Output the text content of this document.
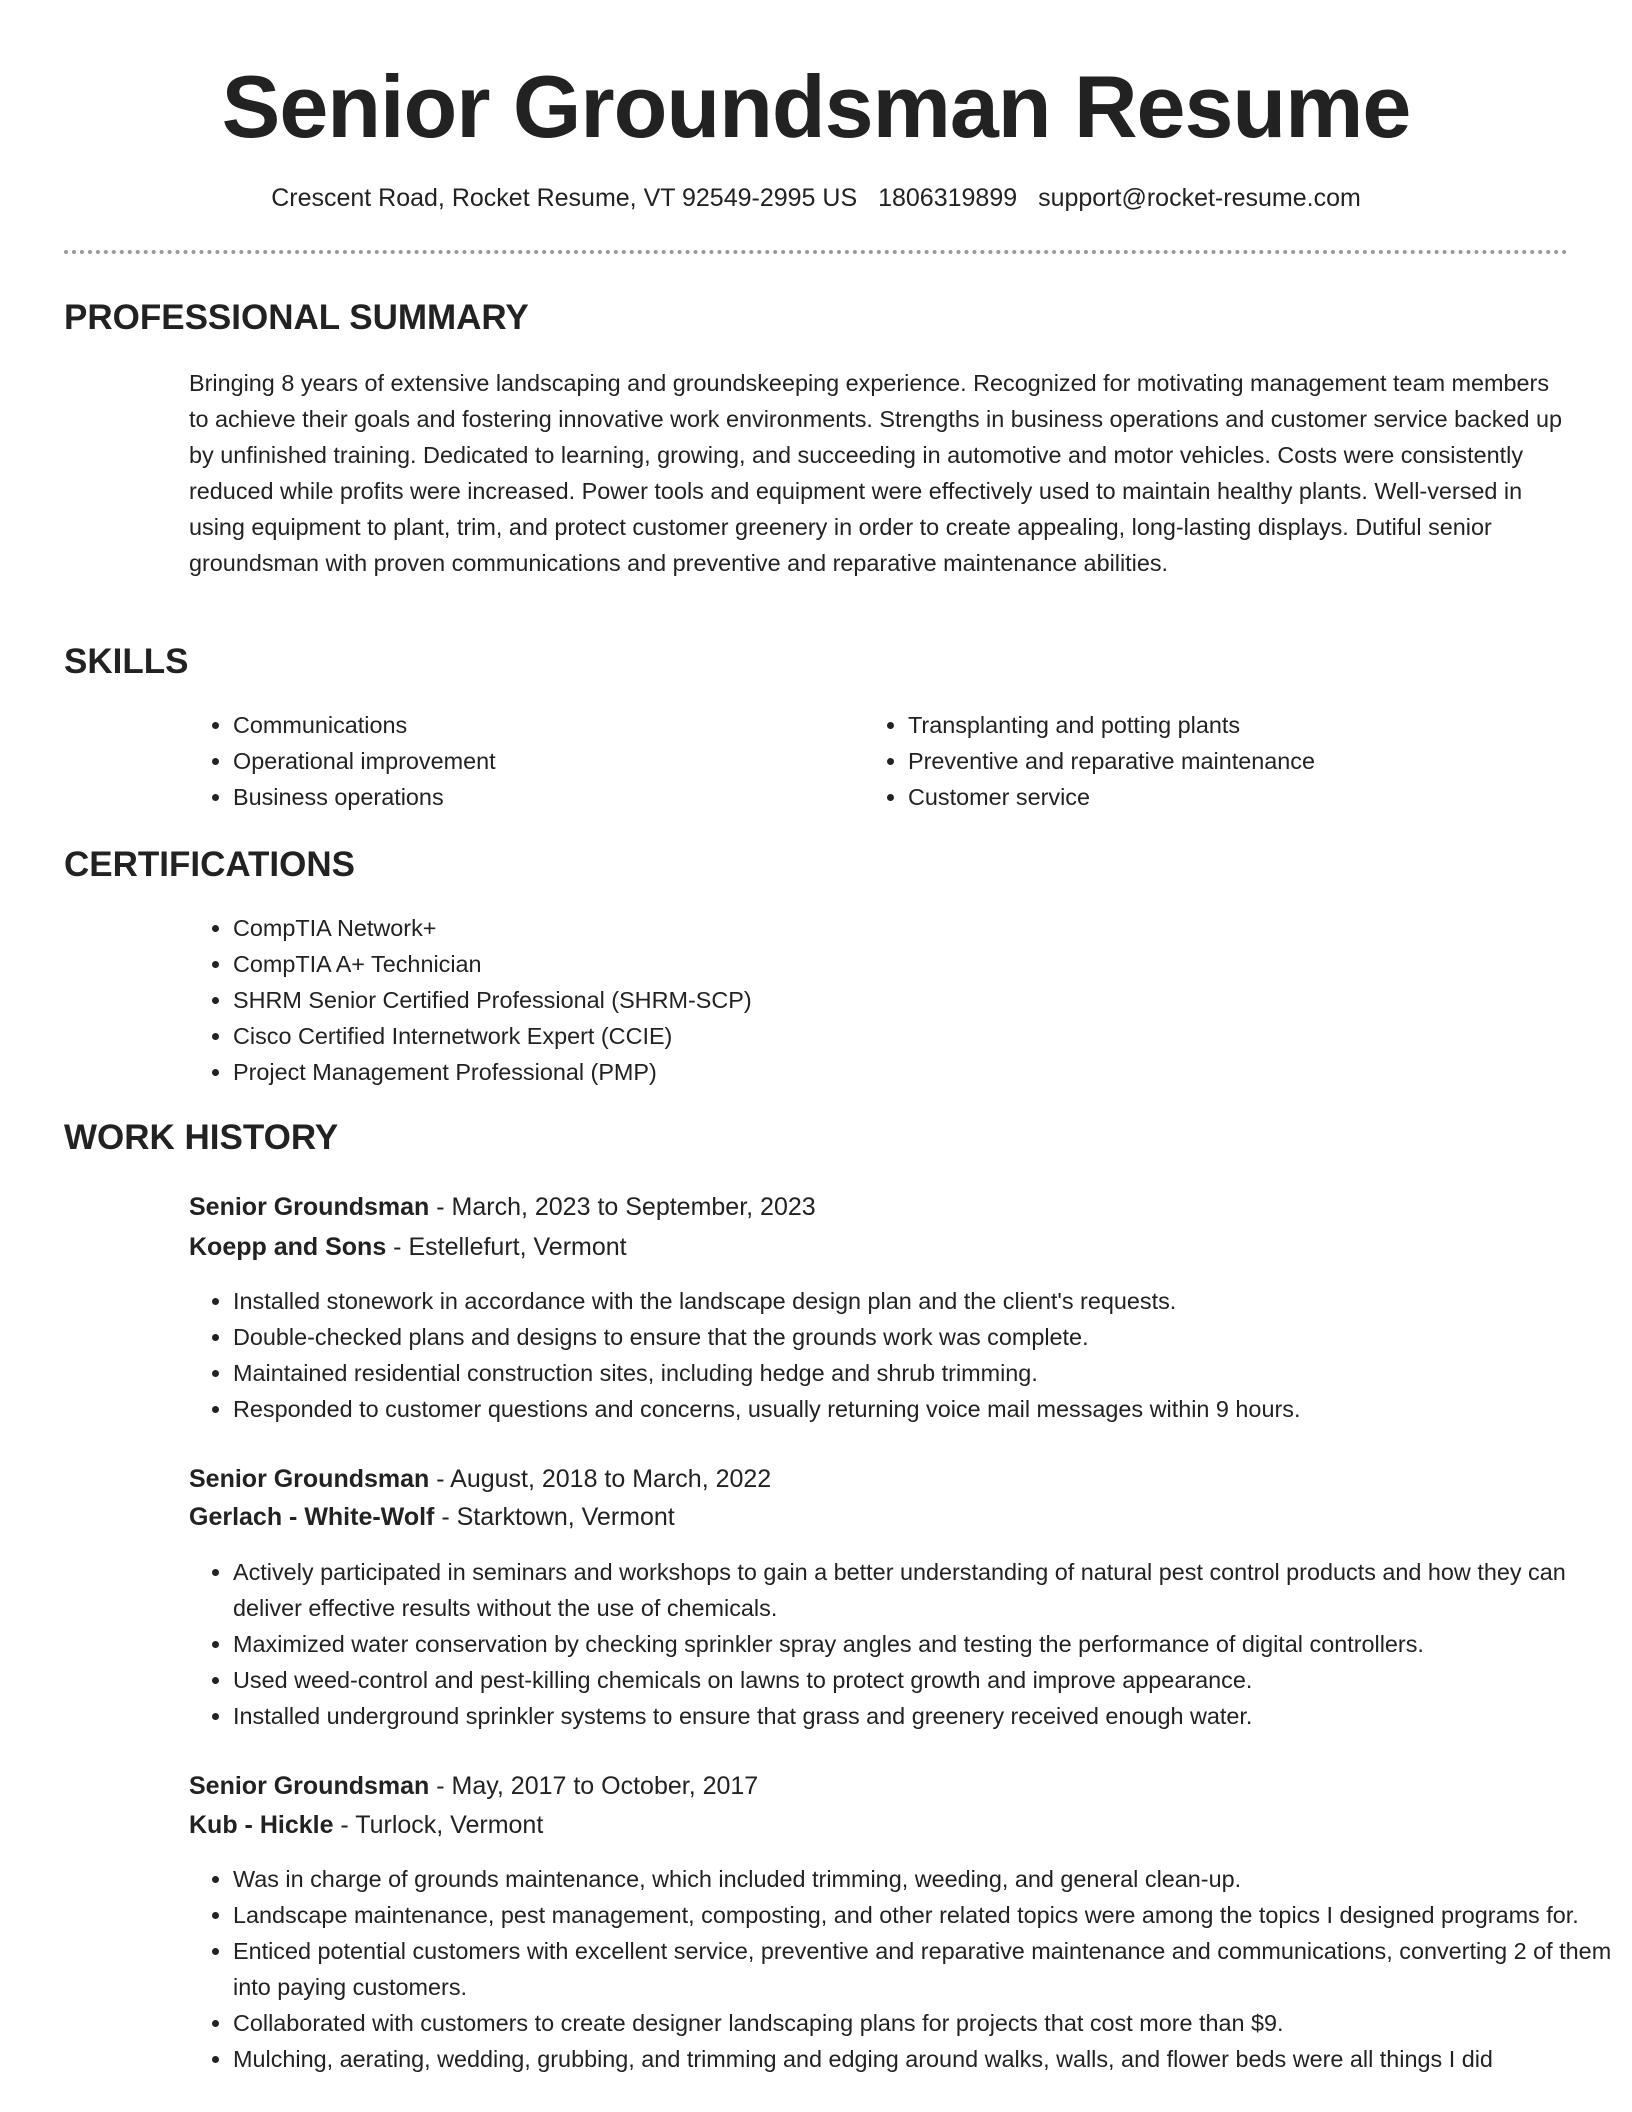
Senior Groundsman Resume
Crescent Road, Rocket Resume, VT 92549-2995 US 1806319899 support@rocket-resume.com
PROFESSIONAL SUMMARY

Bringing 8 years of extensive landscaping and groundskeeping experience. Recognized for motivating management team members to achieve their goals and fostering innovative work environments. Strengths in business operations and customer service backed up by unfinished training. Dedicated to learning, growing, and succeeding in automotive and motor vehicles. Costs were consistently reduced while profits were increased. Power tools and equipment were effectively used to maintain healthy plants. Well-versed in using equipment to plant, trim, and protect customer greenery in order to create appealing, long-lasting displays. Dutiful senior groundsman with proven communications and preventive and reparative maintenance abilities.

SKILLS
• Communications
• Operational improvement
• Business operations
• Transplanting and potting plants
• Preventive and reparative maintenance
• Customer service
CERTIFICATIONS
• CompTIA Network+
• CompTIA A+ Technician
• SHRM Senior Certified Professional (SHRM-SCP)
• Cisco Certified Internetwork Expert (CCIE)
• Project Management Professional (PMP)
WORK HISTORY

Senior Groundsman - March, 2023 to September, 2023

Koepp and Sons - Estellefurt, Vermont

• Installed stonework in accordance with the landscape design plan and the client's requests.
• Double-checked plans and designs to ensure that the grounds work was complete.
• Maintained residential construction sites, including hedge and shrub trimming.
• Responded to customer questions and concerns, usually returning voice mail messages within 9 hours.

Senior Groundsman - August, 2018 to March, 2022

Gerlach - White-Wolf - Starktown, Vermont

• Actively participated in seminars and workshops to gain a better understanding of natural pest control products and how they can deliver effective results without the use of chemicals.
• Maximized water conservation by checking sprinkler spray angles and testing the performance of digital controllers.
• Used weed-control and pest-killing chemicals on lawns to protect growth and improve appearance.
• Installed underground sprinkler systems to ensure that grass and greenery received enough water.

Senior Groundsman - May, 2017 to October, 2017

Kub - Hickle - Turlock, Vermont

• Was in charge of grounds maintenance, which included trimming, weeding, and general clean-up.
• Landscape maintenance, pest management, composting, and other related topics were among the topics I designed programs for.
• Enticed potential customers with excellent service, preventive and reparative maintenance and communications, converting 2 of them into paying customers.
• Collaborated with customers to create designer landscaping plans for projects that cost more than $9.
• Mulching, aerating, wedding, grubbing, and trimming and edging around walks, walls, and flower beds were all things I did
